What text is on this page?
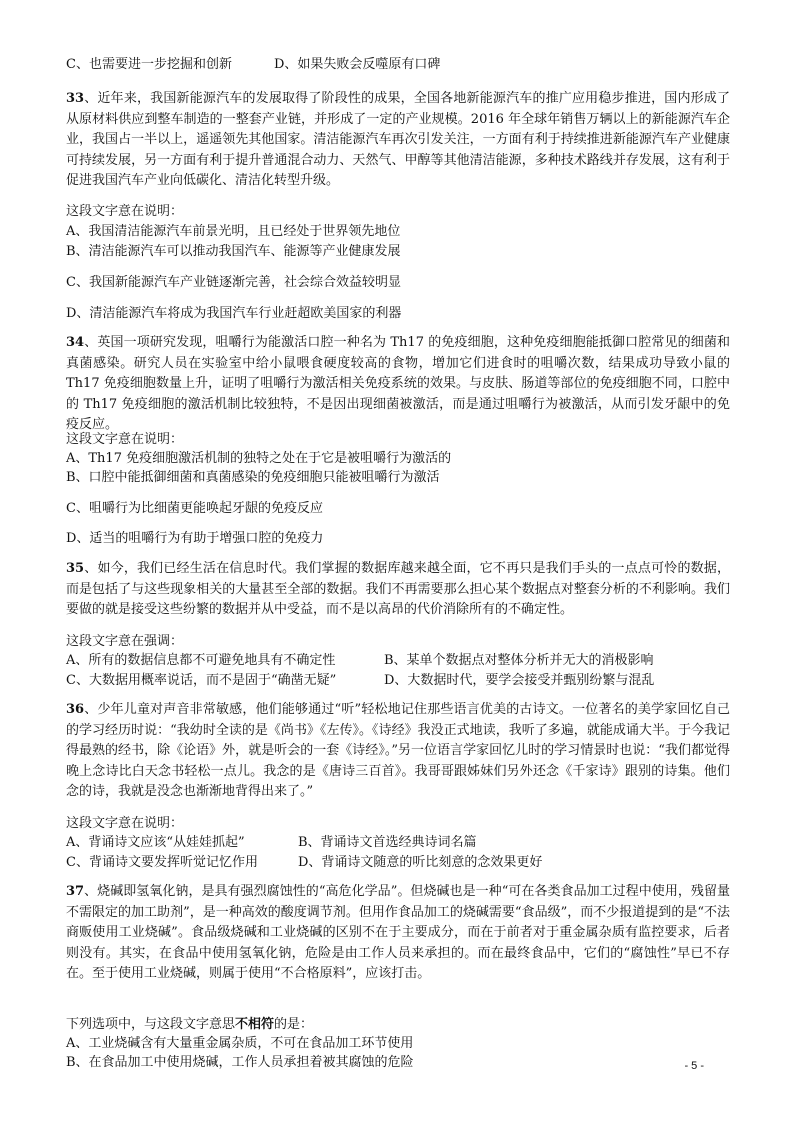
C、也需要进一步挖掘和创新	D、如果失败会反噬原有口碑
33、近年来，我国新能源汽车的发展取得了阶段性的成果，全国各地新能源汽车的推广应用稳步推进，国内形成了从原材料供应到整车制造的一整套产业链，并形成了一定的产业规模。2016 年全球年销售万辆以上的新能源汽车企业，我国占一半以上，遥遥领先其他国家。清洁能源汽车再次引发关注，一方面有利于持续推进新能源汽车产业健康可持续发展，另一方面有利于提升普通混合动力、天然气、甲醇等其他清洁能源，多种技术路线并存发展，这有利于促进我国汽车产业向低碳化、清洁化转型升级。
这段文字意在说明：
A、我国清洁能源汽车前景光明，且已经处于世界领先地位
B、清洁能源汽车可以推动我国汽车、能源等产业健康发展
C、我国新能源汽车产业链逐渐完善，社会综合效益较明显
D、清洁能源汽车将成为我国汽车行业赶超欧美国家的利器
34、英国一项研究发现，咀嚼行为能激活口腔一种名为 Th17 的免疫细胞，这种免疫细胞能抵御口腔常见的细菌和真菌感染。研究人员在实验室中给小鼠喂食硬度较高的食物，增加它们进食时的咀嚼次数，结果成功导致小鼠的 Th17 免疫细胞数量上升，证明了咀嚼行为激活相关免疫系统的效果。与皮肤、肠道等部位的免疫细胞不同，口腔中的 Th17 免疫细胞的激活机制比较独特，不是因出现细菌被激活，而是通过咀嚼行为被激活，从而引发牙龈中的免疫反应。
这段文字意在说明：
A、Th17 免疫细胞激活机制的独特之处在于它是被咀嚼行为激活的
B、口腔中能抵御细菌和真菌感染的免疫细胞只能被咀嚼行为激活
C、咀嚼行为比细菌更能唤起牙龈的免疫反应
D、适当的咀嚼行为有助于增强口腔的免疫力
35、如今，我们已经生活在信息时代。我们掌握的数据库越来越全面，它不再只是我们手头的一点点可怜的数据，而是包括了与这些现象相关的大量甚至全部的数据。我们不再需要那么担心某个数据点对整套分析的不利影响。我们要做的就是接受这些纷繁的数据并从中受益，而不是以高昂的代价消除所有的不确定性。
这段文字意在强调：
A、所有的数据信息都不可避免地具有不确定性	B、某单个数据点对整体分析并无大的消极影响
C、大数据用概率说话，而不是固于“确凿无疑”	D、大数据时代，要学会接受并甄别纷繁与混乱
36、少年儿童对声音非常敏感，他们能够通过“听”轻松地记住那些语言优美的古诗文。一位著名的美学家回忆自己的学习经历时说：“我幼时全读的是《尚书》《左传》。《诗经》我没正式地读，我听了多遍，就能成诵大半。于今我记得最熟的经书，除《论语》外，就是听会的一套《诗经》。”另一位语言学家回忆儿时的学习情景时也说：“我们都觉得晚上念诗比白天念书轻松一点儿。我念的是《唐诗三百首》。我哥哥跟姊妹们另外还念《千家诗》跟别的诗集。他们念的诗，我就是没念也渐渐地背得出来了。”
这段文字意在说明：
A、背诵诗文应该“从娃娃抓起”	B、背诵诗文首选经典诗词名篇
C、背诵诗文要发挥听觉记忆作用	D、背诵诗文随意的听比刻意的念效果更好
37、烧碱即氢氧化钠，是具有强烈腐蚀性的“高危化学品”。但烧碱也是一种“可在各类食品加工过程中使用，残留量不需限定的加工助剂”，是一种高效的酸度调节剂。但用作食品加工的烧碱需要“食品级”，而不少报道提到的是“不法商贩使用工业烧碱”。食品级烧碱和工业烧碱的区别不在于主要成分，而在于前者对于重金属杂质有监控要求，后者则没有。其实，在食品中使用氢氧化钠，危险是由工作人员来承担的。而在最终食品中，它们的“腐蚀性”早已不存在。至于使用工业烧碱，则属于使用“不合格原料”，应该打击。
下列选项中，与这段文字意思不相符的是：
A、工业烧碱含有大量重金属杂质，不可在食品加工环节使用
B、在食品加工中使用烧碱，工作人员承担着被其腐蚀的危险	- 5 -
